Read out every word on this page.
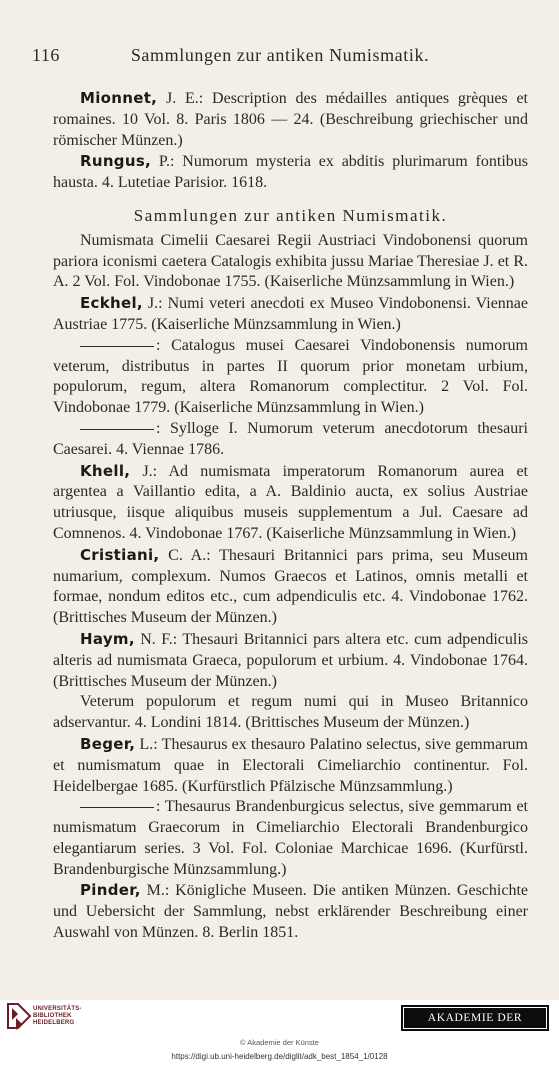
116	Sammlungen zur antiken Numismatik.

Mionnet, J. E.: Description des médailles antiques grèques et romaines. 10 Vol. 8. Paris 1806 — 24. (Beschreibung griechischer und römischer Münzen.)

Rungus, P.: Numorum mysteria ex abditis plurimarum fontibus hausta. 4. Lutetiae Parisior. 1618.

Sammlungen zur antiken Numismatik.

Numismata Cimelii Caesarei Regii Austriaci Vindobonensi quorum pariora iconismi caetera Catalogis exhibita jussu Mariae Theresiae J. et R. A. 2 Vol. Fol. Vindobonae 1755. (Kaiserliche Münzsammlung in Wien.)

Eckhel, J.: Numi veteri anecdoti ex Museo Vindobonensi. Viennae Austriae 1775. (Kaiserliche Münzsammlung in Wien.)

: Catalogus musei Caesarei Vindobonensis numorum veterum, distributus in partes II quorum prior monetam urbium, populorum, regum, altera Romanorum complectitur. 2 Vol. Fol. Vindobonae 1779. (Kaiserliche Münzsammlung in Wien.)

: Sylloge I. Numorum veterum anecdotorum thesauri Caesarei. 4. Viennae 1786.

Khell, J.: Ad numismata imperatorum Romanorum aurea et argentea a Vaillantio edita, a A. Baldinio aucta, ex solius Austriae utriusque, iisque aliquibus museis supplementum a Jul. Caesare ad Comnenos. 4. Vindobonae 1767. (Kaiserliche Münzsammlung in Wien.)

Cristiani, C. A.: Thesauri Britannici pars prima, seu Museum numarium, complexum. Numos Graecos et Latinos, omnis metalli et formae, nondum editos etc., cum adpendiculis etc. 4. Vindobonae 1762. (Brittisches Museum der Münzen.)

Haym, N. F.: Thesauri Britannici pars altera etc. cum adpendiculis alteris ad numismata Graeca, populorum et urbium. 4. Vindobonae 1764. (Brittisches Museum der Münzen.)

Veterum populorum et regum numi qui in Museo Britannico adservantur. 4. Londini 1814. (Brittisches Museum der Münzen.)

Beger, L.: Thesaurus ex thesauro Palatino selectus, sive gemmarum et numismatum quae in Electorali Cimeliarchio continentur. Fol. Heidelbergae 1685. (Kurfürstlich Pfälzische Münzsammlung.)

: Thesaurus Brandenburgicus selectus, sive gemmarum et numismatum Graecorum in Cimeliarchio Electorali Brandenburgico elegantiarum series. 3 Vol. Fol. Coloniae Marchicae 1696. (Kurfürstl. Brandenburgische Münzsammlung.)

Pinder, M.: Königliche Museen. Die antiken Münzen. Geschichte und Uebersicht der Sammlung, nebst erklärender Beschreibung einer Auswahl von Münzen. 8. Berlin 1851.

UNIVERSITÄTS-
BIBLIOTHEK
HEIDELBERG	AKADEMIE DER KÜNSTE
© Akademie der Künste
https://digi.ub.uni-heidelberg.de/diglit/adk_best_1854_1/0128
